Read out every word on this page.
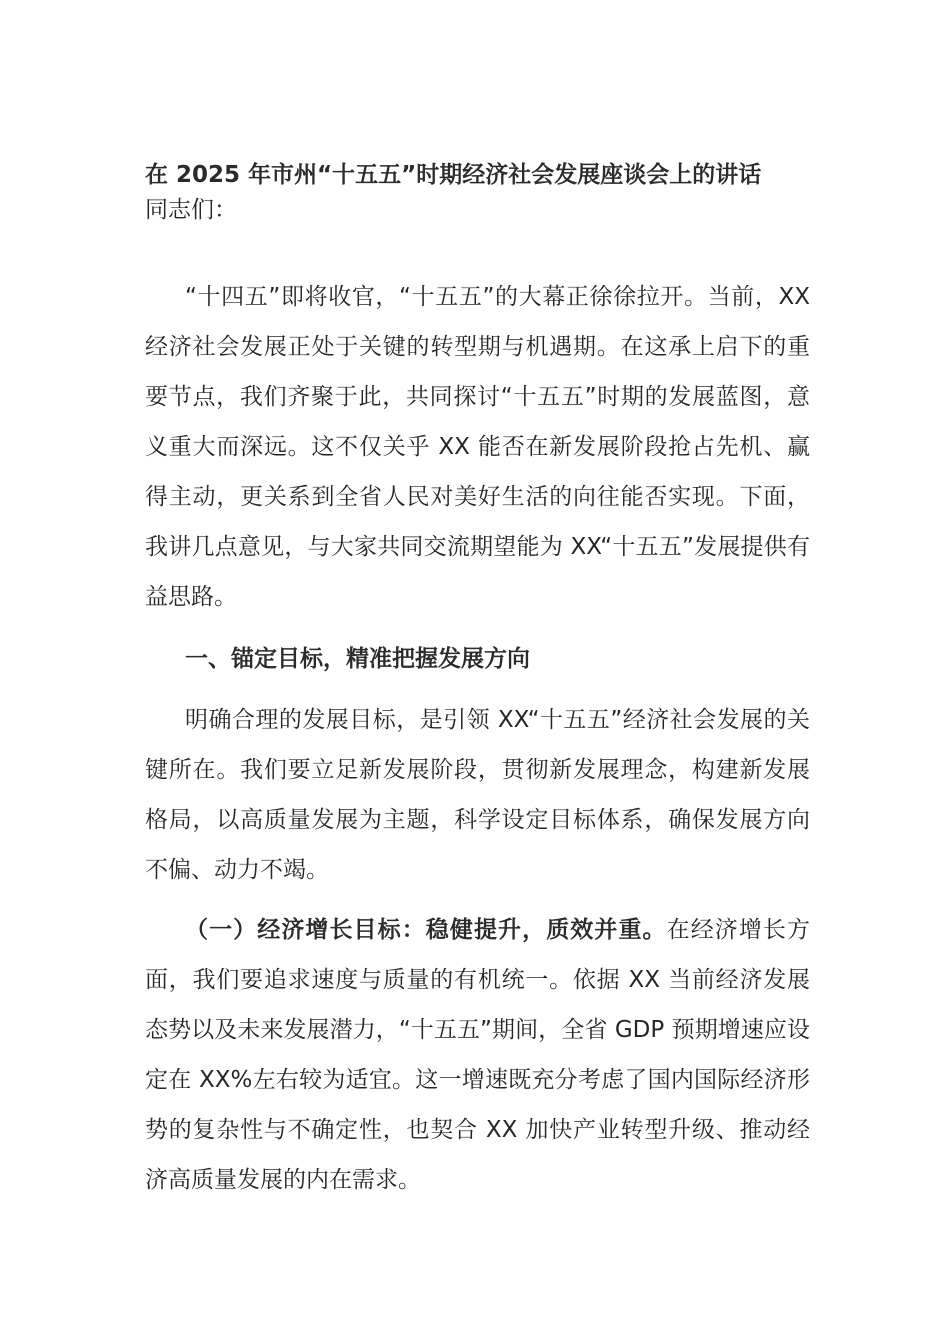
在 2025 年市州“十五五”时期经济社会发展座谈会上的讲话
同志们：

“十四五”即将收官，“十五五”的大幕正徐徐拉开。当前，XX 经济社会发展正处于关键的转型期与机遇期。在这承上启下的重要节点，我们齐聚于此，共同探讨“十五五”时期的发展蓝图，意义重大而深远。这不仅关乎 XX 能否在新发展阶段抢占先机、赢得主动，更关系到全省人民对美好生活的向往能否实现。下面，我讲几点意见，与大家共同交流期望能为 XX“十五五”发展提供有益思路。

一、锚定目标，精准把握发展方向

明确合理的发展目标，是引领 XX“十五五”经济社会发展的关键所在。我们要立足新发展阶段，贯彻新发展理念，构建新发展格局，以高质量发展为主题，科学设定目标体系，确保发展方向不偏、动力不竭。

（一）经济增长目标：稳健提升，质效并重。在经济增长方面，我们要追求速度与质量的有机统一。依据 XX 当前经济发展态势以及未来发展潜力，“十五五”期间，全省 GDP 预期增速应设定在 XX%左右较为适宜。这一增速既充分考虑了国内国际经济形势的复杂性与不确定性，也契合 XX 加快产业转型升级、推动经济高质量发展的内在需求。
